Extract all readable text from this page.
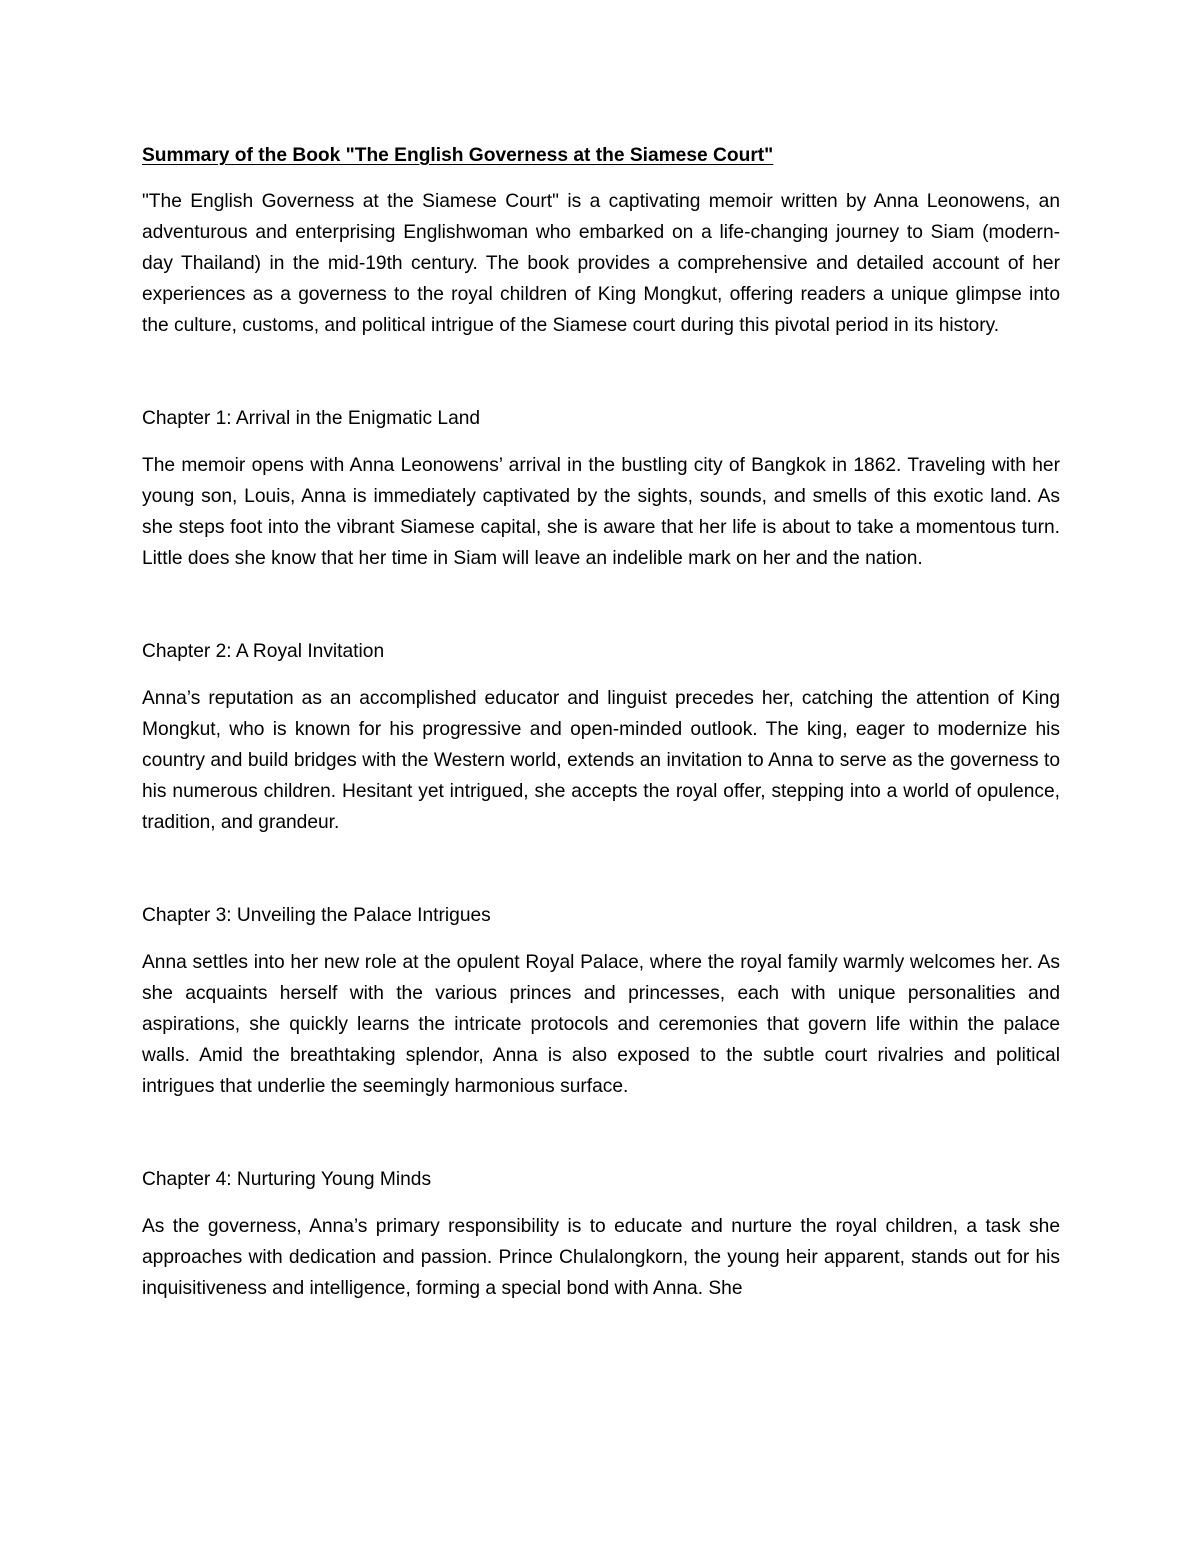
Summary of the Book "The English Governess at the Siamese Court"

"The English Governess at the Siamese Court" is a captivating memoir written by Anna Leonowens, an adventurous and enterprising Englishwoman who embarked on a life-changing journey to Siam (modern-day Thailand) in the mid-19th century. The book provides a comprehensive and detailed account of her experiences as a governess to the royal children of King Mongkut, offering readers a unique glimpse into the culture, customs, and political intrigue of the Siamese court during this pivotal period in its history.

Chapter 1: Arrival in the Enigmatic Land

The memoir opens with Anna Leonowens’ arrival in the bustling city of Bangkok in 1862. Traveling with her young son, Louis, Anna is immediately captivated by the sights, sounds, and smells of this exotic land. As she steps foot into the vibrant Siamese capital, she is aware that her life is about to take a momentous turn. Little does she know that her time in Siam will leave an indelible mark on her and the nation.

Chapter 2: A Royal Invitation

Anna’s reputation as an accomplished educator and linguist precedes her, catching the attention of King Mongkut, who is known for his progressive and open-minded outlook. The king, eager to modernize his country and build bridges with the Western world, extends an invitation to Anna to serve as the governess to his numerous children. Hesitant yet intrigued, she accepts the royal offer, stepping into a world of opulence, tradition, and grandeur.

Chapter 3: Unveiling the Palace Intrigues

Anna settles into her new role at the opulent Royal Palace, where the royal family warmly welcomes her. As she acquaints herself with the various princes and princesses, each with unique personalities and aspirations, she quickly learns the intricate protocols and ceremonies that govern life within the palace walls. Amid the breathtaking splendor, Anna is also exposed to the subtle court rivalries and political intrigues that underlie the seemingly harmonious surface.

Chapter 4: Nurturing Young Minds

As the governess, Anna’s primary responsibility is to educate and nurture the royal children, a task she approaches with dedication and passion. Prince Chulalongkorn, the young heir apparent, stands out for his inquisitiveness and intelligence, forming a special bond with Anna. She
